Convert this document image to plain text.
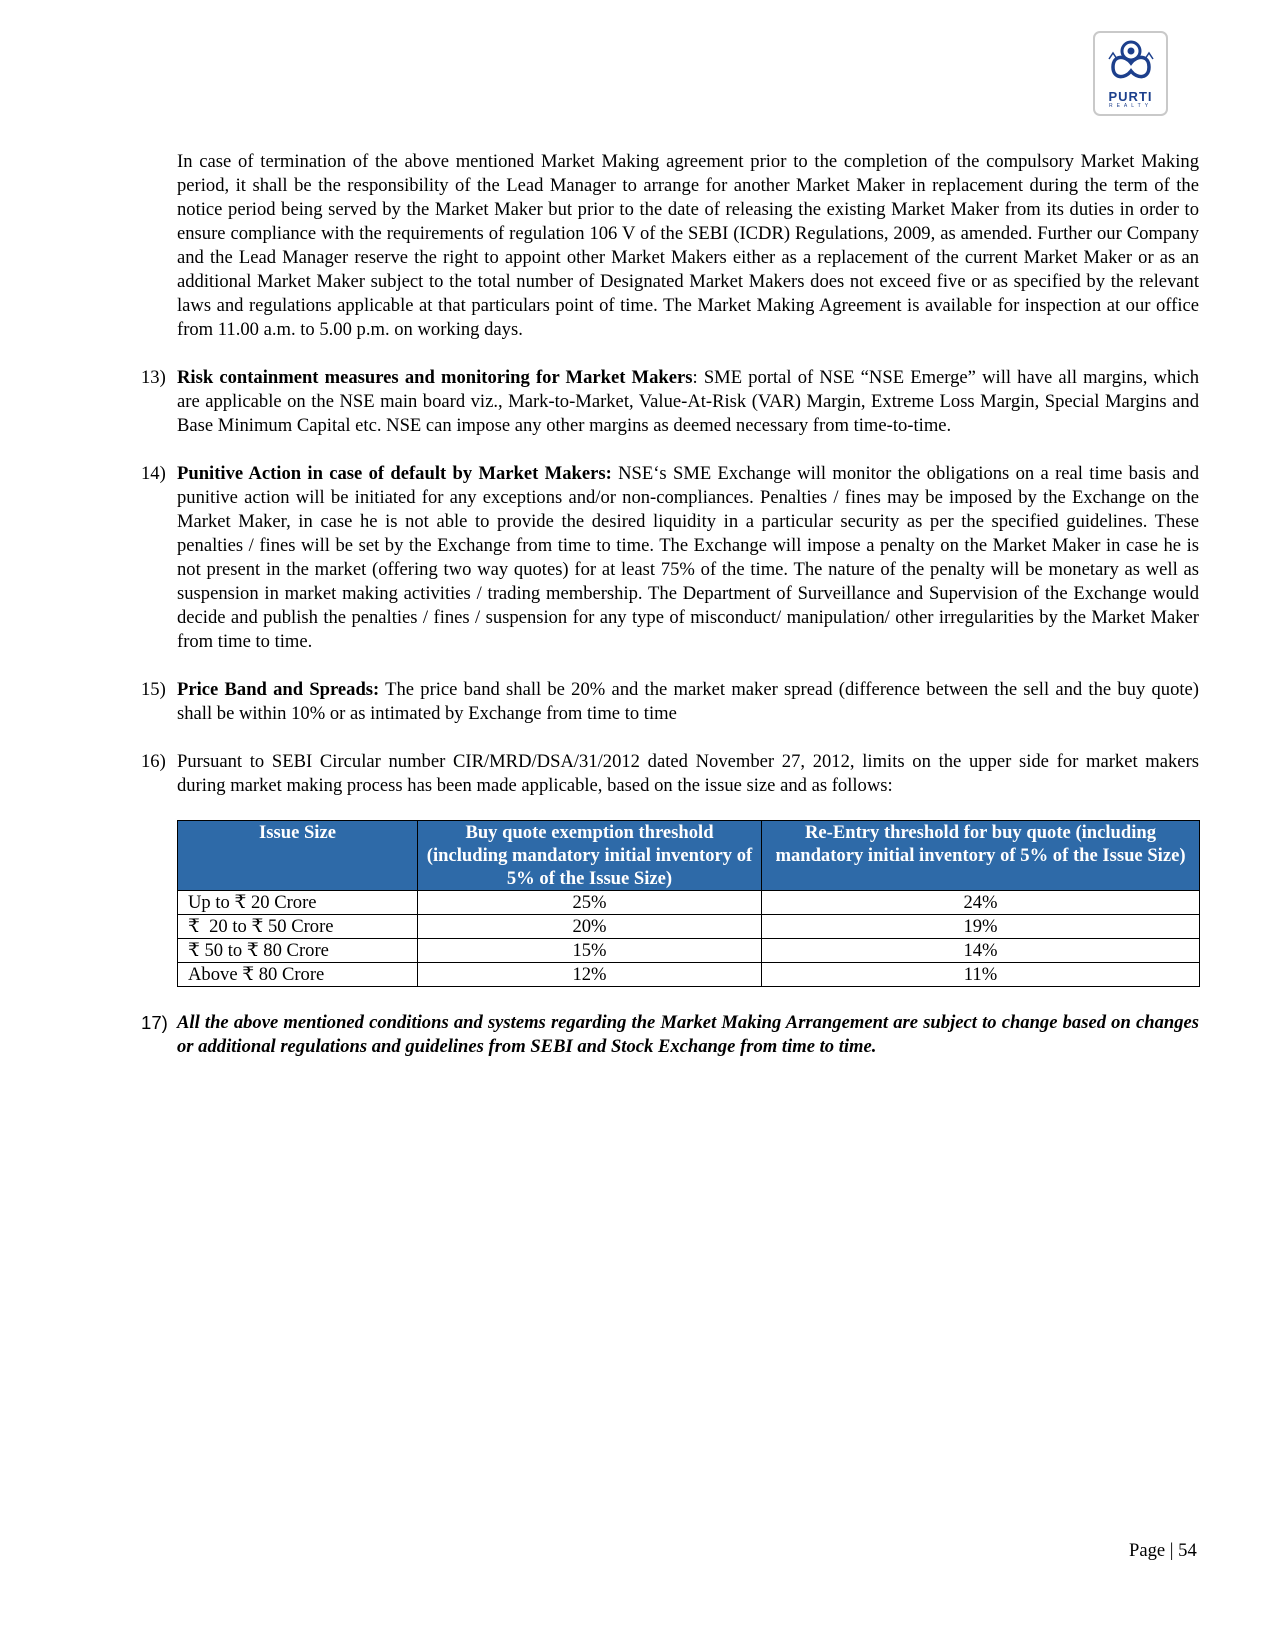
PURTI
REALTY
In case of termination of the above mentioned Market Making agreement prior to the completion of the compulsory Market Making period, it shall be the responsibility of the Lead Manager to arrange for another Market Maker in replacement during the term of the notice period being served by the Market Maker but prior to the date of releasing the existing Market Maker from its duties in order to ensure compliance with the requirements of regulation 106 V of the SEBI (ICDR) Regulations, 2009, as amended. Further our Company and the Lead Manager reserve the right to appoint other Market Makers either as a replacement of the current Market Maker or as an additional Market Maker subject to the total number of Designated Market Makers does not exceed five or as specified by the relevant laws and regulations applicable at that particulars point of time. The Market Making Agreement is available for inspection at our office from 11.00 a.m. to 5.00 p.m. on working days.
13) Risk containment measures and monitoring for Market Makers: SME portal of NSE “NSE Emerge” will have all margins, which are applicable on the NSE main board viz., Mark-to-Market, Value-At-Risk (VAR) Margin, Extreme Loss Margin, Special Margins and Base Minimum Capital etc. NSE can impose any other margins as deemed necessary from time-to-time.
14) Punitive Action in case of default by Market Makers: NSE‘s SME Exchange will monitor the obligations on a real time basis and punitive action will be initiated for any exceptions and/or non-compliances. Penalties / fines may be imposed by the Exchange on the Market Maker, in case he is not able to provide the desired liquidity in a particular security as per the specified guidelines. These penalties / fines will be set by the Exchange from time to time. The Exchange will impose a penalty on the Market Maker in case he is not present in the market (offering two way quotes) for at least 75% of the time. The nature of the penalty will be monetary as well as suspension in market making activities / trading membership. The Department of Surveillance and Supervision of the Exchange would decide and publish the penalties / fines / suspension for any type of misconduct/ manipulation/ other irregularities by the Market Maker from time to time.
15) Price Band and Spreads: The price band shall be 20% and the market maker spread (difference between the sell and the buy quote) shall be within 10% or as intimated by Exchange from time to time
16) Pursuant to SEBI Circular number CIR/MRD/DSA/31/2012 dated November 27, 2012, limits on the upper side for market makers during market making process has been made applicable, based on the issue size and as follows:
Issue Size	Buy quote exemption threshold (including mandatory initial inventory of 5% of the Issue Size)	Re-Entry threshold for buy quote (including mandatory initial inventory of 5% of the Issue Size)
Up to ₹ 20 Crore	25%	24%
₹  20 to ₹ 50 Crore	20%	19%
₹ 50 to ₹ 80 Crore	15%	14%
Above ₹ 80 Crore	12%	11%
17) All the above mentioned conditions and systems regarding the Market Making Arrangement are subject to change based on changes or additional regulations and guidelines from SEBI and Stock Exchange from time to time.
Page | 54
